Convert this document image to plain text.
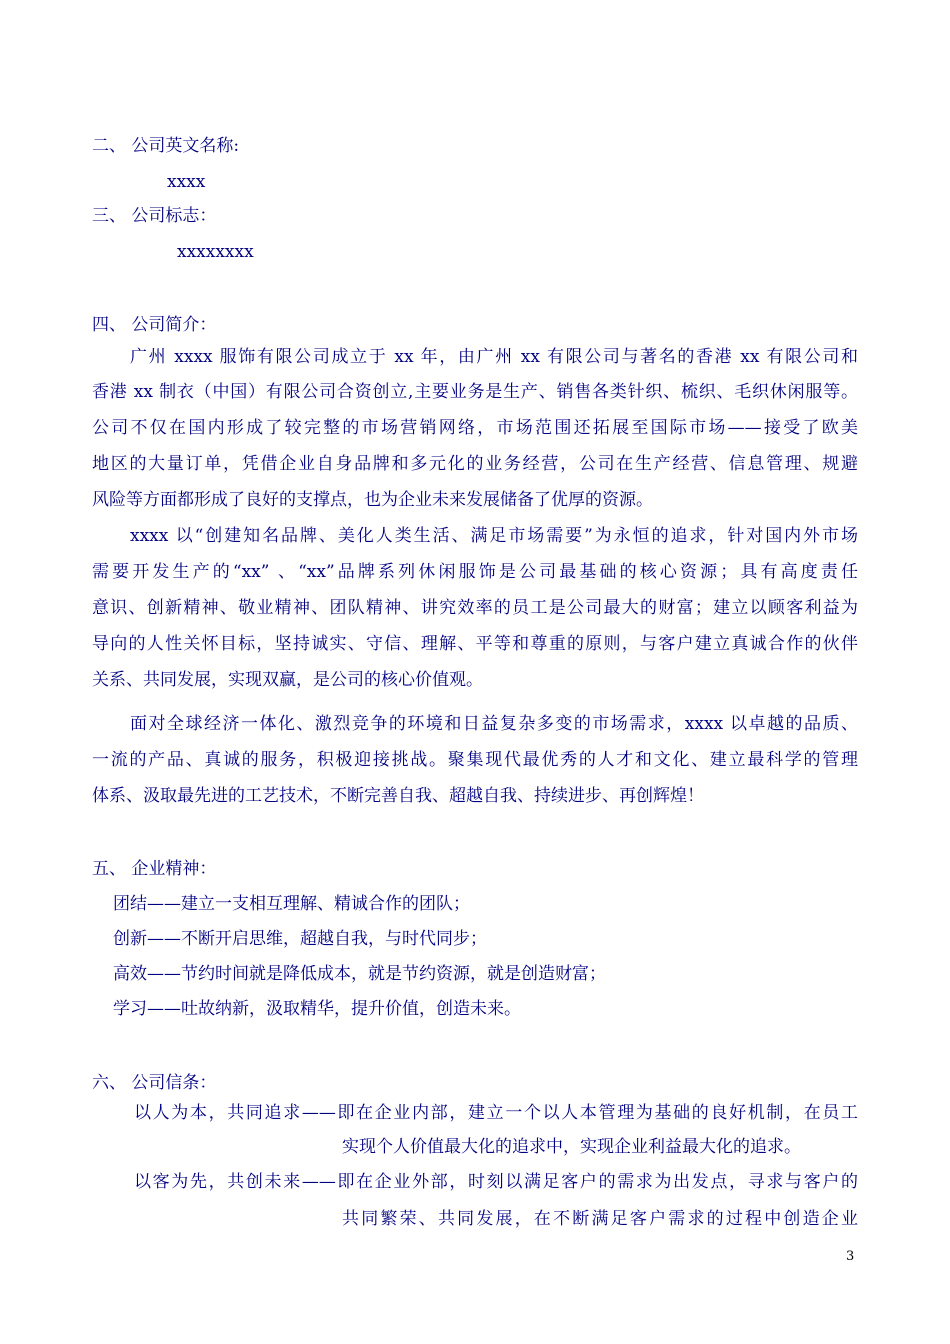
二、 公司英文名称:
xxxx
三、 公司标志：
xxxxxxxx
四、 公司简介：
广州 xxxx 服饰有限公司成立于 xx 年，由广州 xx 有限公司与著名的香港 xx 有限公司和
香港 xx 制衣（中国）有限公司合资创立,主要业务是生产、销售各类针织、梳织、毛织休闲服等。
公司不仅在国内形成了较完整的市场营销网络，市场范围还拓展至国际市场——接受了欧美
地区的大量订单，凭借企业自身品牌和多元化的业务经营，公司在生产经营、信息管理、规避
风险等方面都形成了良好的支撑点，也为企业未来发展储备了优厚的资源。
xxxx 以“创建知名品牌、美化人类生活、满足市场需要”为永恒的追求，针对国内外市场
需要开发生产的“xx” 、“xx”品牌系列休闲服饰是公司最基础的核心资源；具有高度责任
意识、创新精神、敬业精神、团队精神、讲究效率的员工是公司最大的财富；建立以顾客利益为
导向的人性关怀目标，坚持诚实、守信、理解、平等和尊重的原则，与客户建立真诚合作的伙伴
关系、共同发展，实现双赢，是公司的核心价值观。
面对全球经济一体化、激烈竞争的环境和日益复杂多变的市场需求，xxxx 以卓越的品质、
一流的产品、真诚的服务，积极迎接挑战。聚集现代最优秀的人才和文化、建立最科学的管理
体系、汲取最先进的工艺技术，不断完善自我、超越自我、持续进步、再创辉煌！
五、 企业精神：
团结——建立一支相互理解、精诚合作的团队；
创新——不断开启思维，超越自我，与时代同步；
高效——节约时间就是降低成本，就是节约资源，就是创造财富；
学习——吐故纳新，汲取精华，提升价值，创造未来。
六、 公司信条：
以人为本，共同追求——即在企业内部，建立一个以人本管理为基础的良好机制，在员工
实现个人价值最大化的追求中，实现企业利益最大化的追求。
以客为先，共创未来——即在企业外部，时刻以满足客户的需求为出发点，寻求与客户的
共同繁荣、共同发展，在不断满足客户需求的过程中创造企业
3
